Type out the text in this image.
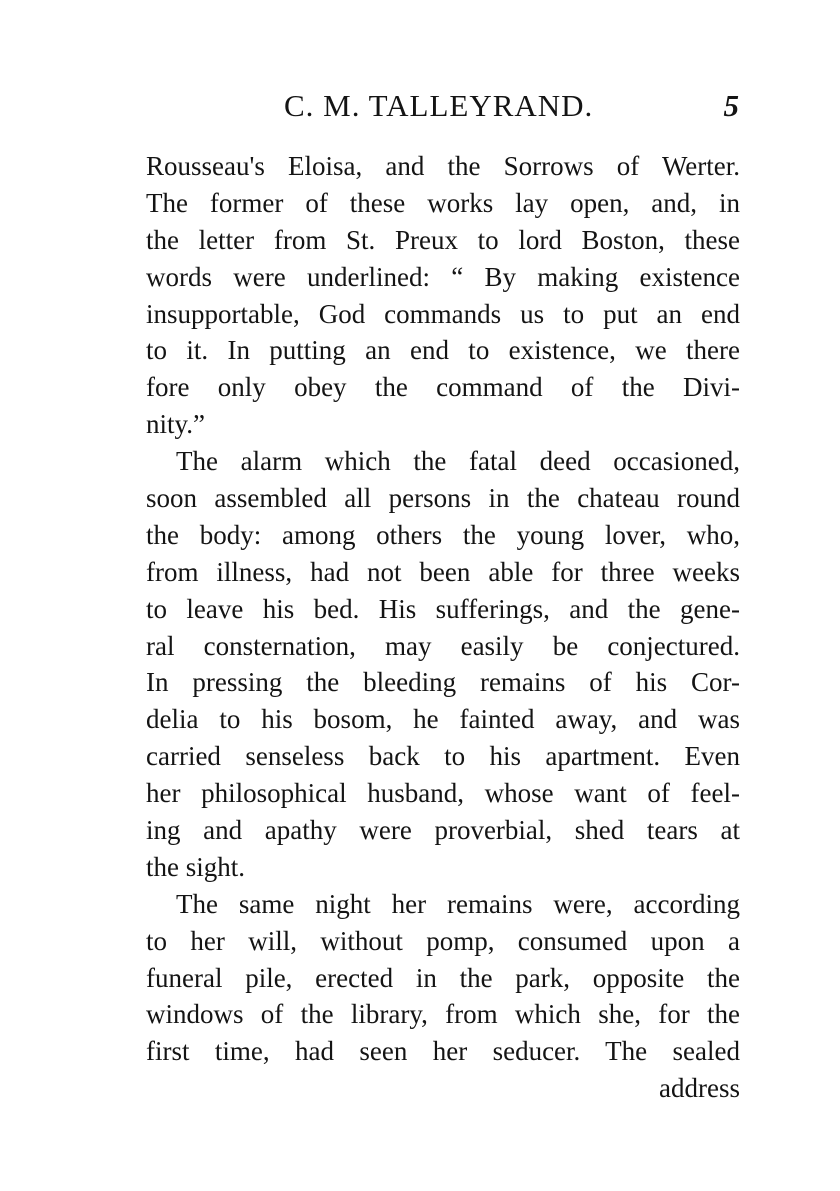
C. M. TALLEYRAND.	5
Rousseau's Eloisa, and the Sorrows of Werter.
The former of these works lay open, and, in
the letter from St. Preux to lord Boston, these
words were underlined: “ By making existence
insupportable, God commands us to put an end
to it. In putting an end to existence, we there
fore only obey the command of the Divi-
nity.”
The alarm which the fatal deed occasioned,
soon assembled all persons in the chateau round
the body: among others the young lover, who,
from illness, had not been able for three weeks
to leave his bed. His sufferings, and the gene-
ral consternation, may easily be conjectured.
In pressing the bleeding remains of his Cor-
delia to his bosom, he fainted away, and was
carried senseless back to his apartment. Even
her philosophical husband, whose want of feel-
ing and apathy were proverbial, shed tears at
the sight.
The same night her remains were, according
to her will, without pomp, consumed upon a
funeral pile, erected in the park, opposite the
windows of the library, from which she, for the
first time, had seen her seducer. The sealed
address
